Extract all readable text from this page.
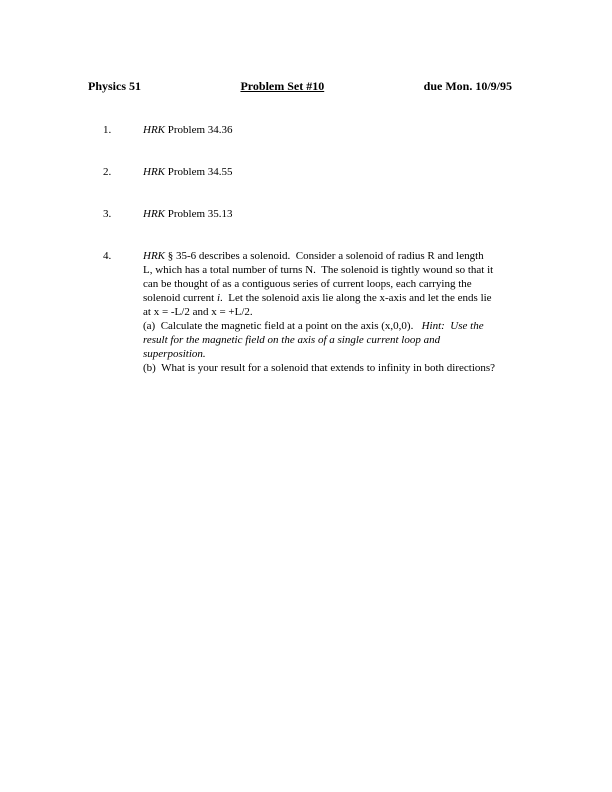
Physics 51	Problem Set #10	due Mon. 10/9/95
1.	HRK Problem 34.36
2.	HRK Problem 34.55
3.	HRK Problem 35.13
4.	HRK § 35-6 describes a solenoid.  Consider a solenoid of radius R and length
L, which has a total number of turns N.  The solenoid is tightly wound so that it
can be thought of as a contiguous series of current loops, each carrying the
solenoid current i.  Let the solenoid axis lie along the x-axis and let the ends lie
at x = -L/2 and x = +L/2.
(a)  Calculate the magnetic field at a point on the axis (x,0,0).   Hint:  Use the
result for the magnetic field on the axis of a single current loop and
superposition.
(b)  What is your result for a solenoid that extends to infinity in both directions?
